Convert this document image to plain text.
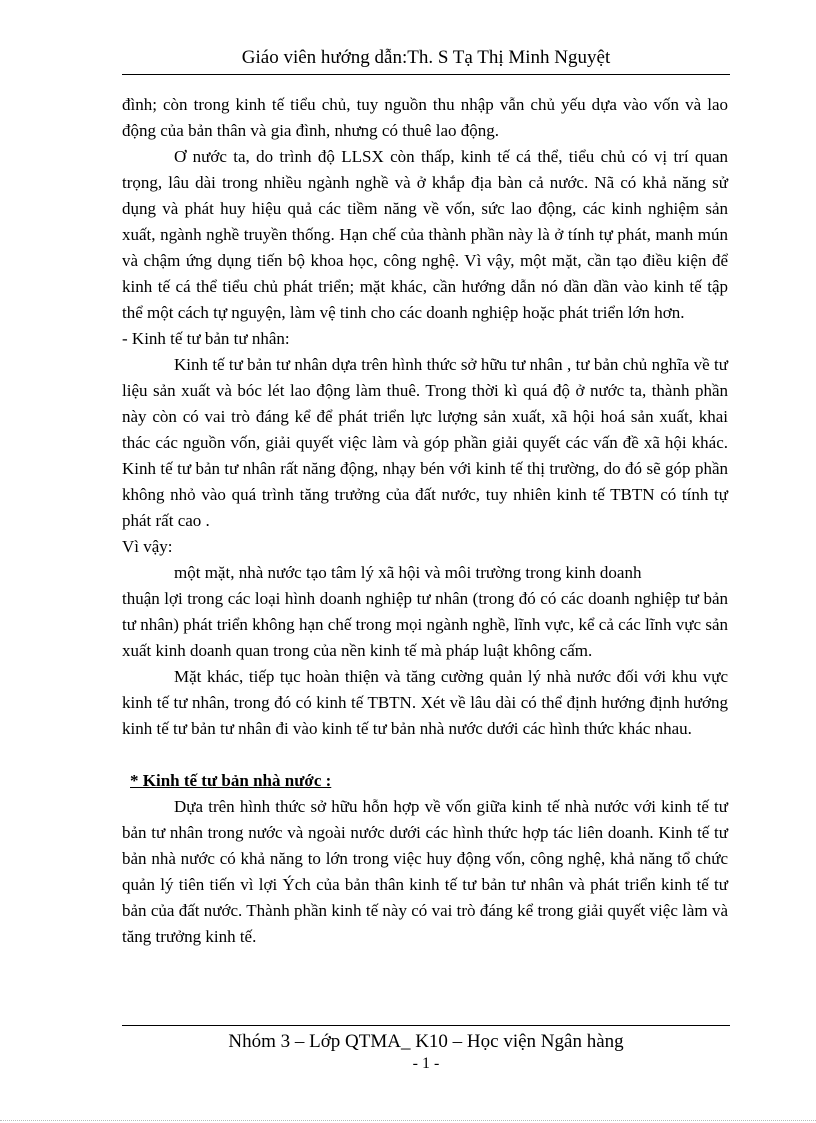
Giáo viên hướng dẫn:Th. S Tạ Thị Minh Nguyệt

đình; còn trong kinh tế tiểu chủ, tuy nguồn thu nhập vẫn chủ yếu dựa vào vốn và lao động của bản thân và gia đình, nhưng có thuê lao động.

Ơ nước ta, do trình độ LLSX còn thấp, kinh tế cá thể, tiểu chủ có vị trí quan trọng, lâu dài trong nhiều ngành nghề và ở khắp địa bàn cả nước. Nã có khả năng sử dụng và phát huy hiệu quả các tiềm năng về vốn, sức lao động, các kinh nghiệm sản xuất, ngành nghề truyền thống. Hạn chế của thành phần này là ở tính tự phát, manh mún và chậm ứng dụng tiến bộ khoa học, công nghệ. Vì vậy, một mặt, cần tạo điều kiện để kinh tế cá thể tiểu chủ phát triển; mặt khác, cần hướng dẫn nó dần dần vào kinh tế tập thể một cách tự nguyện, làm vệ tinh cho các doanh nghiệp hoặc phát triển lớn hơn.

- Kinh tế tư bản tư nhân:

Kinh tế tư bản tư nhân dựa trên hình thức sở hữu tư nhân , tư bản chủ nghĩa về tư liệu sản xuất và bóc lét lao động làm thuê. Trong thời kì quá độ ở nước ta, thành phần này còn có vai trò đáng kể để phát triển lực lượng sản xuất, xã hội hoá sản xuất, khai thác các nguồn vốn, giải quyết việc làm và góp phần giải quyết các vấn đề xã hội khác. Kinh tế tư bản tư nhân rất năng động, nhạy bén với kinh tế thị trường, do đó sẽ góp phần không nhỏ vào quá trình tăng trưởng của đất nước, tuy nhiên kinh tế TBTN có tính tự phát rất cao .

Vì vậy:

một mặt, nhà nước tạo tâm lý xã hội và môi trường trong kinh doanh

thuận lợi trong các loại hình doanh nghiệp tư nhân (trong đó có các doanh nghiệp tư bản tư nhân) phát triển không hạn chế trong mọi ngành nghề, lĩnh vực, kể cả các lĩnh vực sản xuất kinh doanh quan trong của nền kinh tế mà pháp luật không cấm.

Mặt khác, tiếp tục hoàn thiện và tăng cường quản lý nhà nước đối với khu vực kinh tế tư nhân, trong đó có kinh tế TBTN. Xét về lâu dài có thể định hướng định hướng kinh tế tư bản tư nhân đi vào kinh tế tư bản nhà nước dưới các hình thức khác nhau.

* Kinh tế tư bản nhà nước :

Dựa trên hình thức sở hữu hỗn hợp về vốn giữa kinh tế nhà nước với kinh tế tư bản tư nhân trong nước và ngoài nước dưới các hình thức hợp tác liên doanh. Kinh tế tư bản nhà nước có khả năng to lớn trong việc huy động vốn, công nghệ, khả năng tổ chức quản lý tiên tiến vì lợi Ých của bản thân kinh tế tư bản tư nhân và phát triển kinh tế tư bản của đất nước. Thành phần kinh tế này có vai trò đáng kể trong giải quyết việc làm và tăng trưởng kinh tế.

Nhóm 3 – Lớp QTMA_ K10 – Học viện Ngân hàng
- 1 -
